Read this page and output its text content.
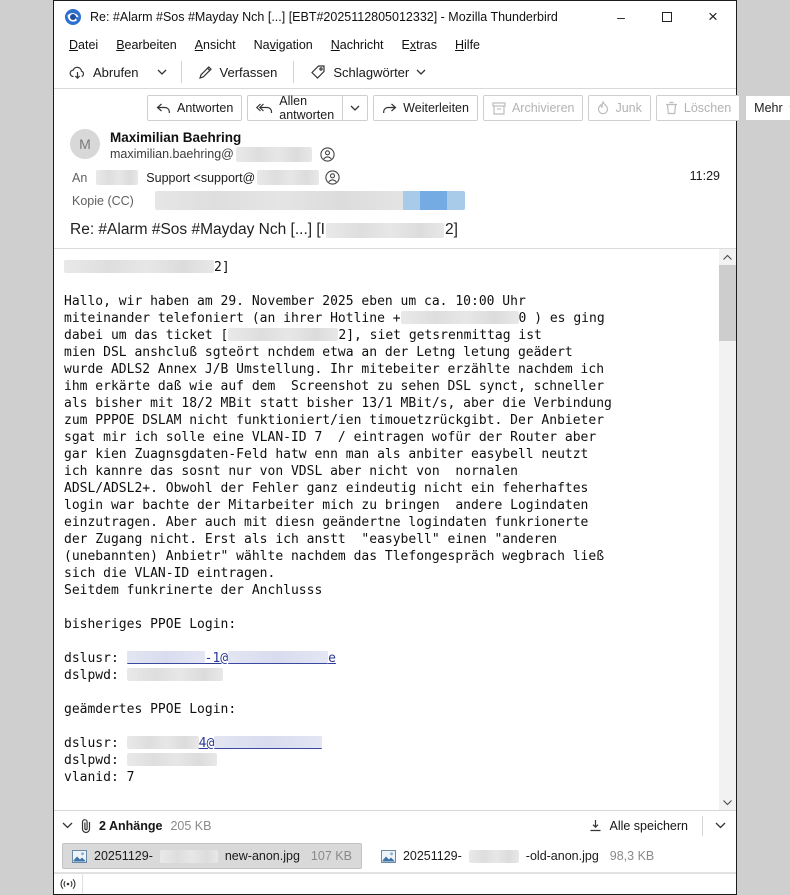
Re: #Alarm #Sos #Mayday Nch [...] [EBT#2025112805012332] - Mozilla Thunderbird	–	×
Datei	Bearbeiten	Ansicht	Navigation	Nachricht	Extras	Hilfe
Abrufen	Verfassen	Schlagwörter
Antworten	Allen antworten	Weiterleiten	Archivieren	Junk	Löschen Mehr
M	Maximilian Baehring
maximilian.baehring@
An	Support <support@	11:29
Kopie (CC)
Re: #Alarm #Sos #Mayday Nch [...] [I	2]
2]
Hallo, wir haben am 29. November 2025 eben um ca. 10:00 Uhr
miteinander telefoniert (an ihrer Hotline +	0 ) es ging
dabei um das ticket [	2], siet getsrenmittag ist
mien DSL anshcluß sgteört nchdem etwa an der Letng letung geädert
wurde ADLS2 Annex J/B Umstellung. Ihr mitebeiter erzählte nachdem ich
ihm erkärte daß wie auf dem  Screenshot zu sehen DSL synct, schneller
als bisher mit 18/2 MBit statt bisher 13/1 MBit/s, aber die Verbindung
zum PPPOE DSLAM nicht funktioniert/ien timouetzrückgibt. Der Anbieter
sgat mir ich solle eine VLAN-ID 7  / eintragen wofür der Router aber
gar kien Zuagnsgdaten-Feld hatw enn man als anbiter easybell neutzt
ich kannre das sosnt nur von VDSL aber nicht von  nornalen
ADSL/ADSL2+. Obwohl der Fehler ganz eindeutig nicht ein feherhaftes
login war bachte der Mitarbeiter mich zu bringen  andere Logindaten
einzutragen. Aber auch mit diesn geändertne logindaten funkrionerte
der Zugang nicht. Erst als ich anstt  "easybell" einen "anderen
(unebannten) Anbietr" wählte nachdem das Tlefongespräch wegbrach ließ
sich die VLAN-ID eintragen.
Seitdem funkrinerte der Anchlusss
bisheriges PPOE Login:
dslusr:	-1@	e
dslpwd:
geämdertes PPOE Login:
dslusr:	4@
dslpwd:
vlanid: 7
2 Anhänge 205 KB	Alle speichern
20251129-	new-anon.jpg 107 KB	20251129-	-old-anon.jpg 98,3 KB
